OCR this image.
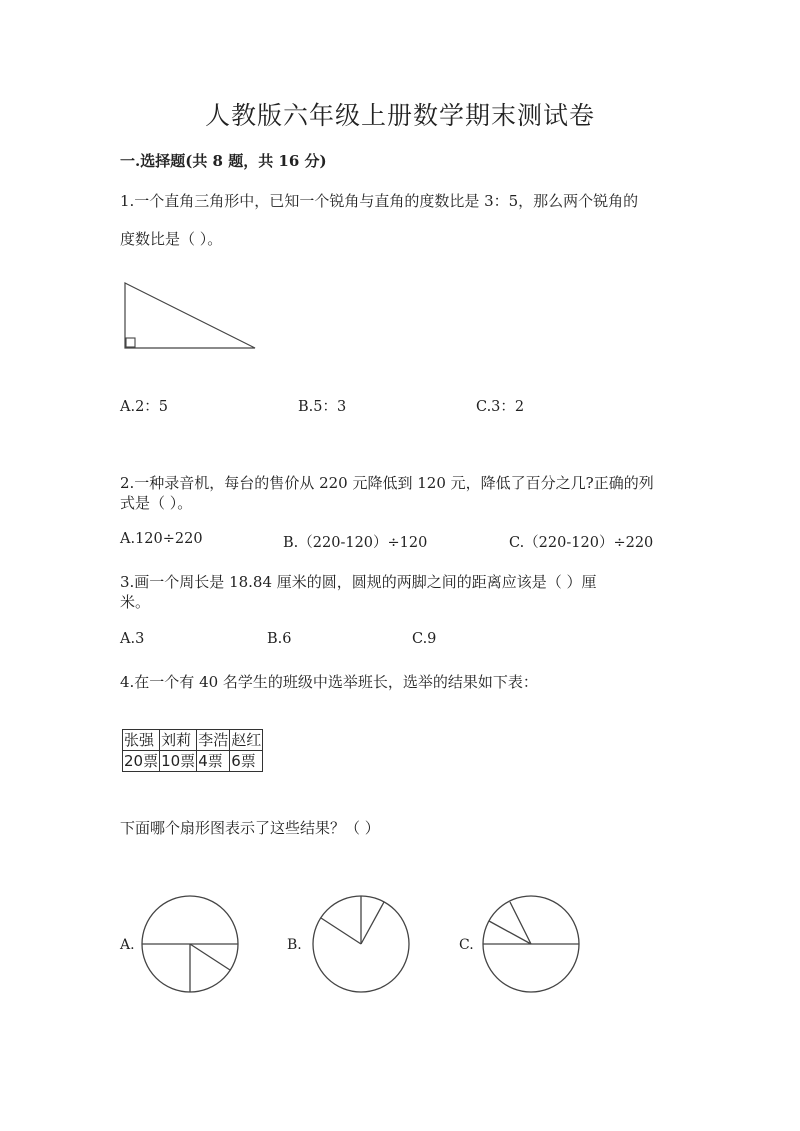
人教版六年级上册数学期末测试卷
一.选择题(共 8 题，共 16 分)
1.一个直角三角形中，已知一个锐角与直角的度数比是 3：5，那么两个锐角的
度数比是（ ）。
A.2：5	B.5：3	C.3：2
2.一种录音机，每台的售价从 220 元降低到 120 元，降低了百分之几?正确的列
式是（ ）。
A.120÷220	B.（220-120）÷120	C.（220-120）÷220
3.画一个周长是 18.84 厘米的圆，圆规的两脚之间的距离应该是（ ）厘
米。
A.3	B.6	C.9
4.在一个有 40 名学生的班级中选举班长，选举的结果如下表：
张强	刘莉	李浩	赵红
20票	10票	4票	6票
下面哪个扇形图表示了这些结果？（ ）
A.	B.	C.
